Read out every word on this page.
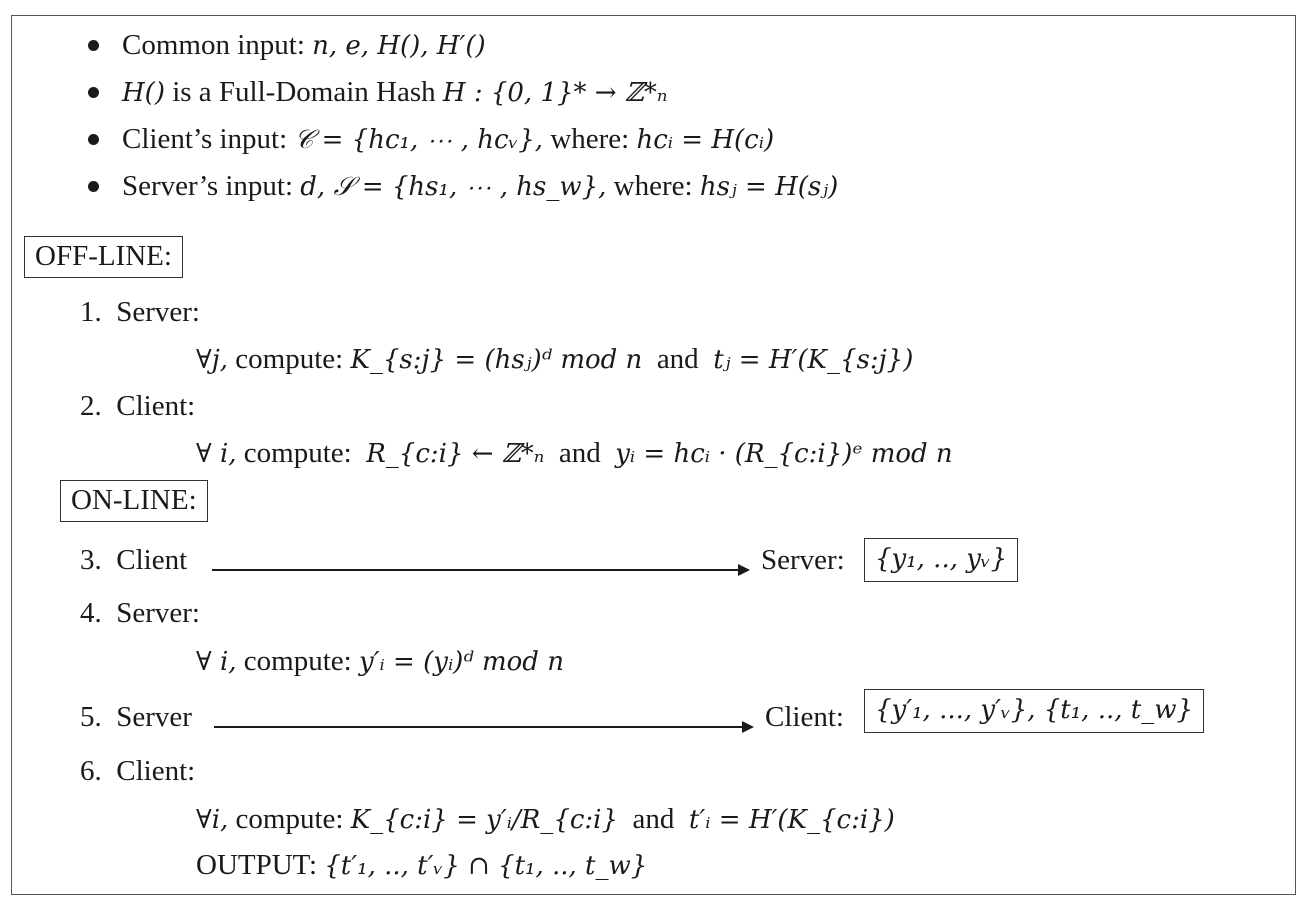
Common input: n, e, H(), H′()
H() is a Full-Domain Hash H : {0, 1}* → ℤ*ₙ
Client’s input: 𝒞 = {hc₁, ⋯ , hcᵥ}, where: hcᵢ = H(cᵢ)
Server’s input: d, 𝒮 = {hs₁, ⋯ , hs_w}, where: hsⱼ = H(sⱼ)
OFF-LINE:
1. Server:
∀j, compute: K_{s:j} = (hsⱼ)ᵈ mod n and tⱼ = H′(K_{s:j})
2. Client:
∀ i, compute: R_{c:i} ← ℤ*ₙ and yᵢ = hcᵢ · (R_{c:i})ᵉ mod n
ON-LINE:
3. Client	Server:	{y₁, .., yᵥ}
4. Server:
∀ i, compute: y′ᵢ = (yᵢ)ᵈ mod n
5. Server	Client:	{y′₁, ..., y′ᵥ}, {t₁, .., t_w}
6. Client:
∀i, compute: K_{c:i} = y′ᵢ/R_{c:i} and t′ᵢ = H′(K_{c:i})
OUTPUT: {t′₁, .., t′ᵥ} ∩ {t₁, .., t_w}
